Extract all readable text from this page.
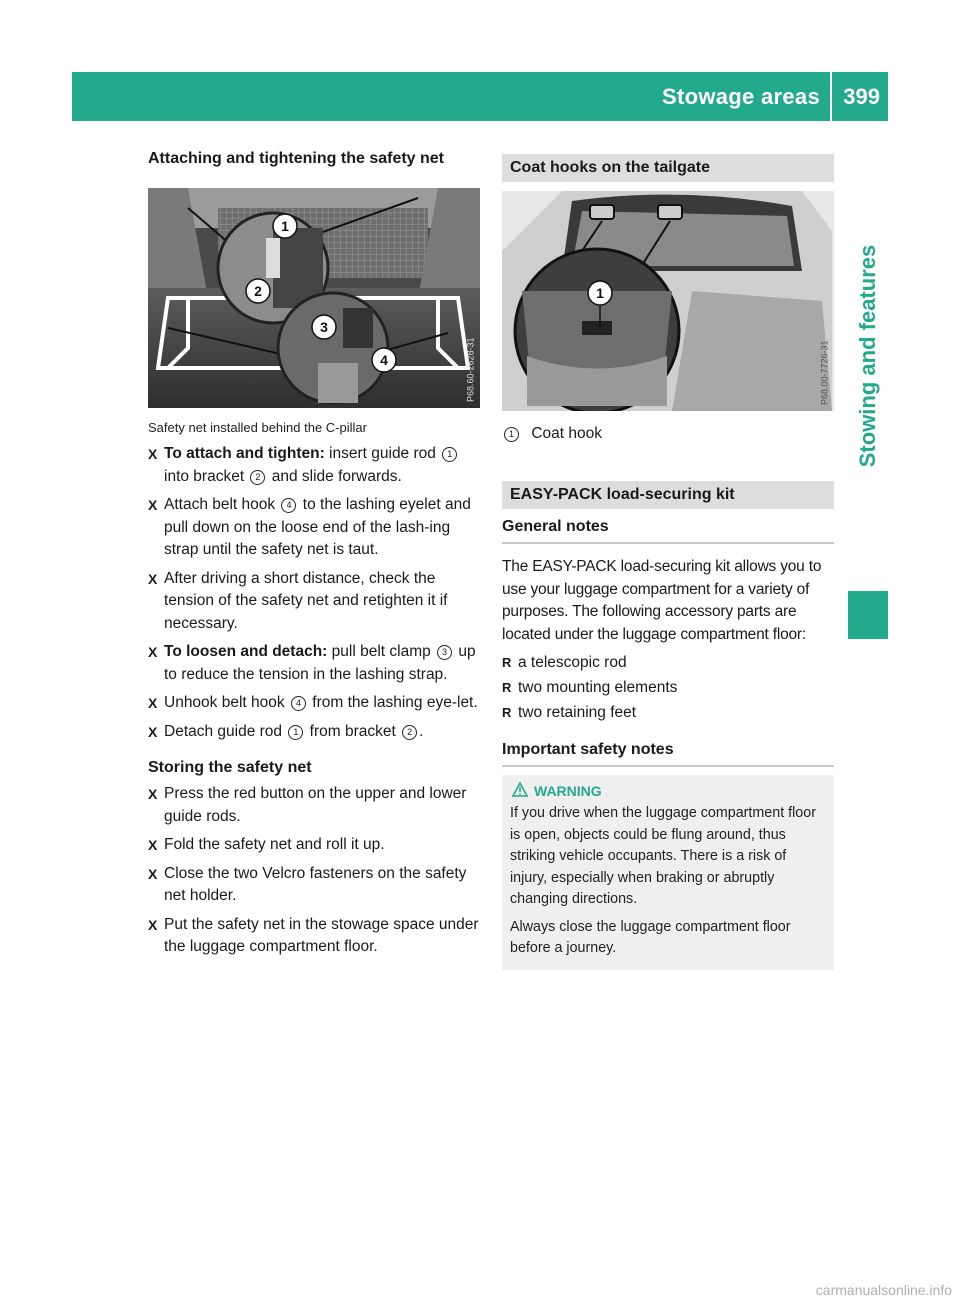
Stowage areas 399
Stowing and features
Attaching and tightening the safety net
1
2
3
4	P68.60-2628-31
Safety net installed behind the C-pillar
X To attach and tighten: insert guide rod 1 into bracket 2 and slide forwards.
X Attach belt hook 4 to the lashing eyelet and pull down on the loose end of the lash-ing strap until the safety net is taut.
X After driving a short distance, check the tension of the safety net and retighten it if necessary.
X To loosen and detach: pull belt clamp 3 up to reduce the tension in the lashing strap.
X Unhook belt hook 4 from the lashing eye-let.
X Detach guide rod 1 from bracket 2 .
Storing the safety net
X Press the red button on the upper and lower guide rods.
X Fold the safety net and roll it up.
X Close the two Velcro fasteners on the safety net holder.
X Put the safety net in the stowage space under the luggage compartment floor.
Coat hooks on the tailgate
1
P68.00-7726-31
1 Coat hook
EASY-PACK load-securing kit
General notes
The EASY-PACK load-securing kit allows you to use your luggage compartment for a variety of purposes. The following accessory parts are located under the luggage compartment floor:
R a telescopic rod
R two mounting elements
R two retaining feet
Important safety notes
WARNING
If you drive when the luggage compartment floor is open, objects could be flung around, thus striking vehicle occupants. There is a risk of injury, especially when braking or abruptly changing directions.
Always close the luggage compartment floor before a journey.
carmanualsonline.info
